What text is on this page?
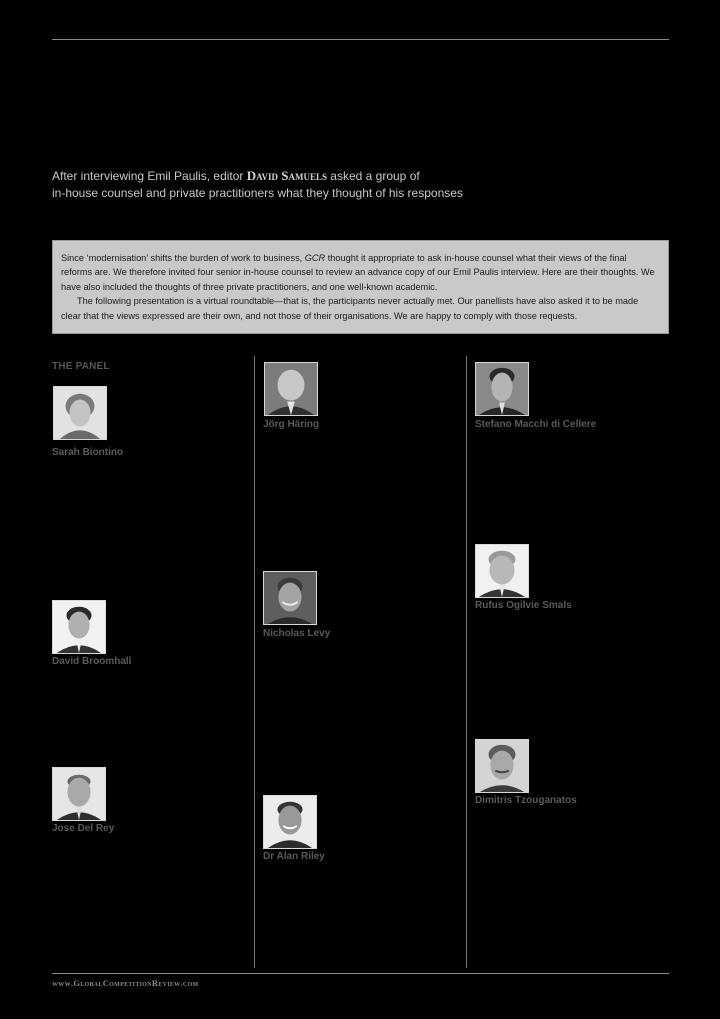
After interviewing Emil Paulis, editor David Samuels asked a group of
in-house counsel and private practitioners what they thought of his responses

Since ‘modernisation’ shifts the burden of work to business, GCR thought it appropriate to ask in-house counsel what their views of the final reforms are. We therefore invited four senior in-house counsel to review an advance copy of our Emil Paulis interview. Here are their thoughts. We have also included the thoughts of three private practitioners, and one well-known academic.

The following presentation is a virtual roundtable—that is, the participants never actually met. Our panellists have also asked it to be made clear that the views expressed are their own, and not those of their organisations. We are happy to comply with those requests.

THE PANEL
Sarah Biontino
David Broomhall
Jose Del Rey
Jörg Häring
Nicholas Levy
Dr Alan Riley
Stefano Macchi di Cellere
Rufus Ogilvie Smals
Dimitris Tzouganatos
www.GlobalCompetitionReview.com
